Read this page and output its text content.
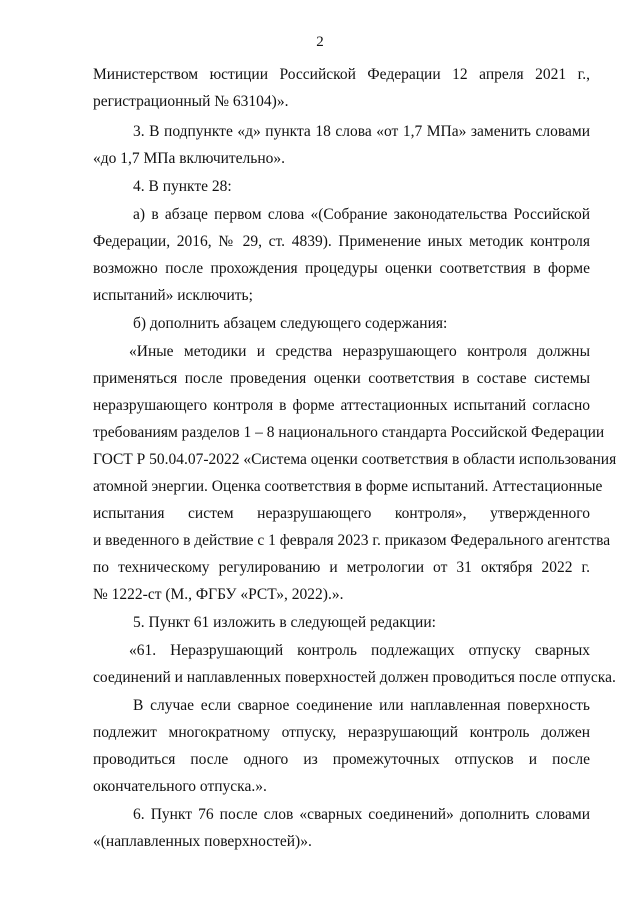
2
Министерством юстиции Российской Федерации 12 апреля 2021 г.,
регистрационный № 63104)».
3. В подпункте «д» пункта 18 слова «от 1,7 МПа» заменить словами
«до 1,7 МПа включительно».
4. В пункте 28:
а) в абзаце первом слова «(Собрание законодательства Российской
Федерации, 2016, № 29, ст. 4839). Применение иных методик контроля
возможно после прохождения процедуры оценки соответствия в форме
испытаний» исключить;
б) дополнить абзацем следующего содержания:
«Иные методики и средства неразрушающего контроля должны
применяться после проведения оценки соответствия в составе системы
неразрушающего контроля в форме аттестационных испытаний согласно
требованиям разделов 1 – 8 национального стандарта Российской Федерации
ГОСТ Р 50.04.07-2022 «Система оценки соответствия в области использования
атомной энергии. Оценка соответствия в форме испытаний. Аттестационные
испытания систем неразрушающего контроля», утвержденного
и введенного в действие с 1 февраля 2023 г. приказом Федерального агентства
по техническому регулированию и метрологии от 31 октября 2022 г.
№ 1222-ст (М., ФГБУ «РСТ», 2022).».
5. Пункт 61 изложить в следующей редакции:
«61. Неразрушающий контроль подлежащих отпуску сварных
соединений и наплавленных поверхностей должен проводиться после отпуска.
В случае если сварное соединение или наплавленная поверхность
подлежит многократному отпуску, неразрушающий контроль должен
проводиться после одного из промежуточных отпусков и после
окончательного отпуска.».
6. Пункт 76 после слов «сварных соединений» дополнить словами
«(наплавленных поверхностей)».
